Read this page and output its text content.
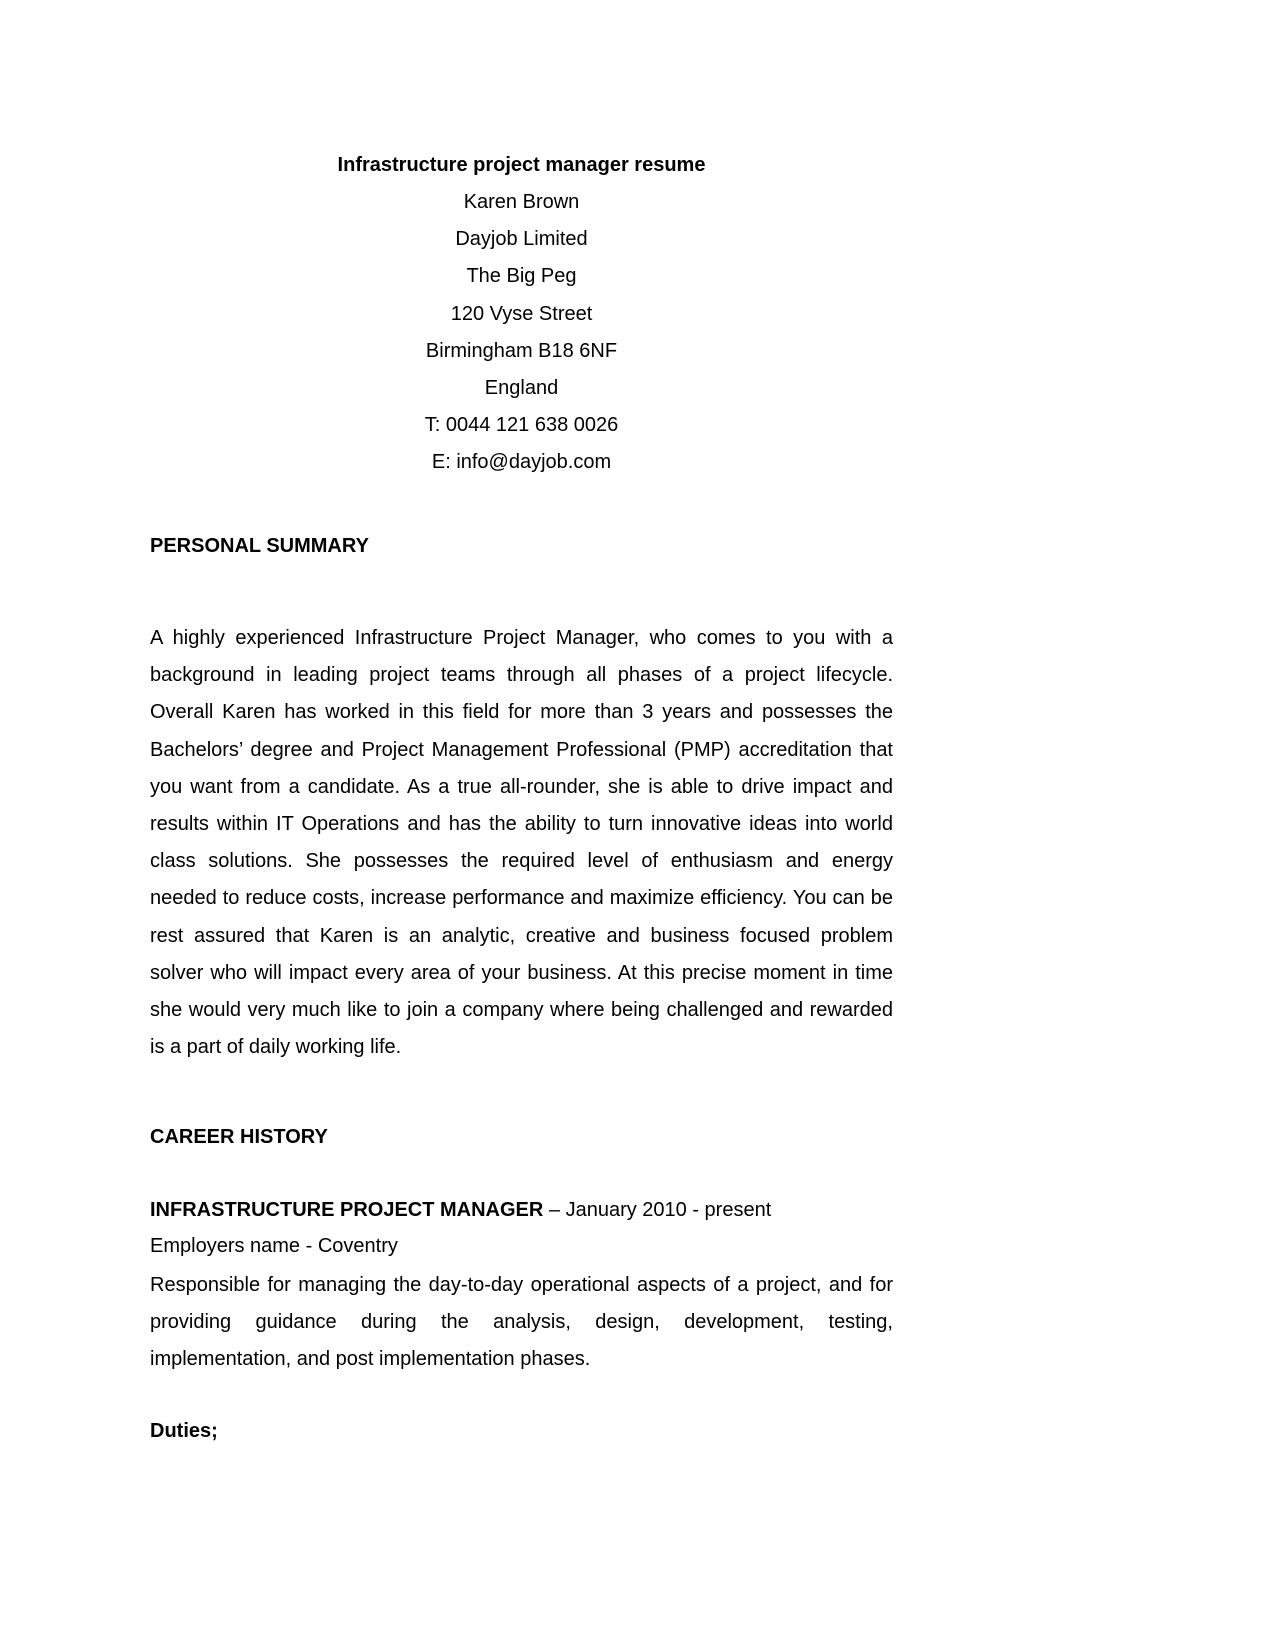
Infrastructure project manager resume

Karen Brown

Dayjob Limited

The Big Peg

120 Vyse Street

Birmingham B18 6NF

England

T: 0044 121 638 0026

E: info@dayjob.com

PERSONAL SUMMARY

A highly experienced Infrastructure Project Manager, who comes to you with a background in leading project teams through all phases of a project lifecycle. Overall Karen has worked in this field for more than 3 years and possesses the Bachelors’ degree and Project Management Professional (PMP) accreditation that you want from a candidate. As a true all-rounder, she is able to drive impact and results within IT Operations and has the ability to turn innovative ideas into world class solutions. She possesses the required level of enthusiasm and energy needed to reduce costs, increase performance and maximize efficiency. You can be rest assured that Karen is an analytic, creative and business focused problem solver who will impact every area of your business. At this precise moment in time she would very much like to join a company where being challenged and rewarded is a part of daily working life.

CAREER HISTORY

INFRASTRUCTURE PROJECT MANAGER – January 2010 - present

Employers name - Coventry

Responsible for managing the day-to-day operational aspects of a project, and for providing guidance during the analysis, design, development, testing, implementation, and post implementation phases.

Duties;
